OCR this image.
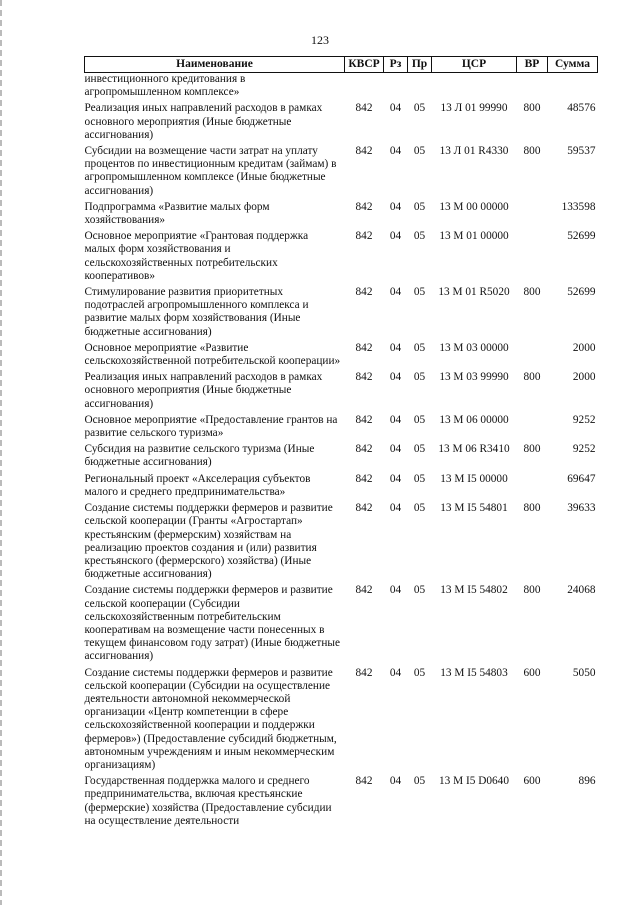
123
Наименование	КВСР	Рз	Пр	ЦСР	ВР	Сумма
инвестиционного кредитования в агропромышленном комплексе»						
Реализация иных направлений расходов в рамках основного мероприятия (Иные бюджетные ассигнования)	842	04	05	13 Л 01 99990	800	48576
Субсидии на возмещение части затрат на уплату процентов по инвестиционным кредитам (займам) в агропромышленном комплексе (Иные бюджетные ассигнования)	842	04	05	13 Л 01 R4330	800	59537
Подпрограмма «Развитие малых форм хозяйствования»	842	04	05	13 М 00 00000		133598
Основное мероприятие «Грантовая поддержка малых форм хозяйствования и сельскохозяйственных потребительских кооперативов»	842	04	05	13 М 01 00000		52699
Стимулирование развития приоритетных подотраслей агропромышленного комплекса и развитие малых форм хозяйствования (Иные бюджетные ассигнования)	842	04	05	13 М 01 R5020	800	52699
Основное мероприятие «Развитие сельскохозяйственной потребительской кооперации»	842	04	05	13 М 03 00000		2000
Реализация иных направлений расходов в рамках основного мероприятия (Иные бюджетные ассигнования)	842	04	05	13 М 03 99990	800	2000
Основное мероприятие «Предоставление грантов на развитие сельского туризма»	842	04	05	13 М 06 00000		9252
Субсидия на развитие сельского туризма (Иные бюджетные ассигнования)	842	04	05	13 М 06 R3410	800	9252
Региональный проект «Акселерация субъектов малого и среднего предпринимательства»	842	04	05	13 М I5 00000		69647
Создание системы поддержки фермеров и развитие сельской кооперации (Гранты «Агростартап» крестьянским (фермерским) хозяйствам на реализацию проектов создания и (или) развития крестьянского (фермерского) хозяйства) (Иные бюджетные ассигнования)	842	04	05	13 М I5 54801	800	39633
Создание системы поддержки фермеров и развитие сельской кооперации (Субсидии сельскохозяйственным потребительским кооперативам на возмещение части понесенных в текущем финансовом году затрат) (Иные бюджетные ассигнования)	842	04	05	13 М I5 54802	800	24068
Создание системы поддержки фермеров и развитие сельской кооперации (Субсидии на осуществление деятельности автономной некоммерческой организации «Центр компетенции в сфере сельскохозяйственной кооперации и поддержки фермеров») (Предоставление субсидий бюджетным, автономным учреждениям и иным некоммерческим организациям)	842	04	05	13 М I5 54803	600	5050
Государственная поддержка малого и среднего предпринимательства, включая крестьянские (фермерские) хозяйства (Предоставление субсидии на осуществление деятельности	842	04	05	13 М I5 D0640	600	896
